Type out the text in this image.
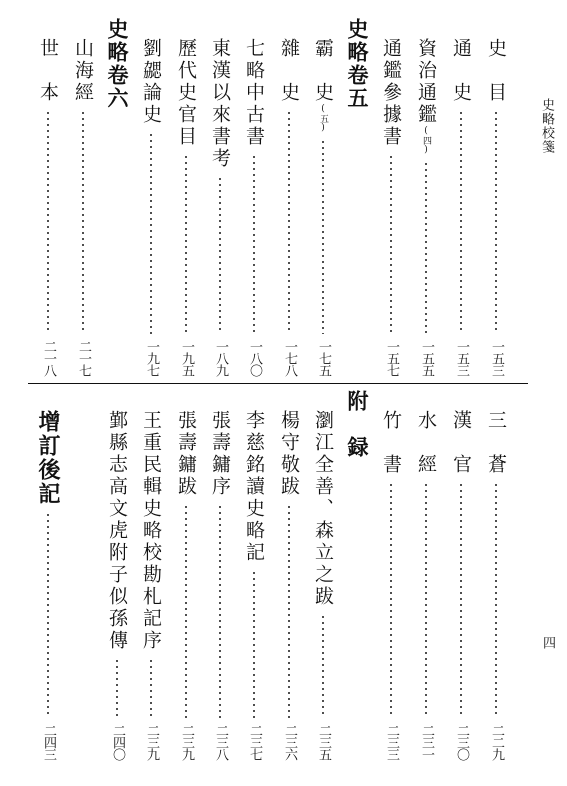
史略校箋
四
史　目
一五三
通　史
一五三
資治通鑑(四)
一五五
通鑑參據書
一五七
史略卷五
霸　史(五)
一七五
雜　史
一七八
七略中古書
一八〇
東漢以來書考
一八九
歷代史官目
一九五
劉勰論史
一九七
史略卷六
山海經
二一七
世　本
二一八
三　蒼
二二九
漢　官
二三〇
水　經
二三一
竹　書
二三三
附　録
瀏江全善、森立之跋
二三五
楊守敬跋
二三六
李慈銘讀史略記
二三七
張壽鏞序
二三八
張壽鏞跋
二三九
王重民輯史略校勘札記序
二三九
鄞縣志高文虎附子似孫傳
二四〇
增訂後記
二四三
